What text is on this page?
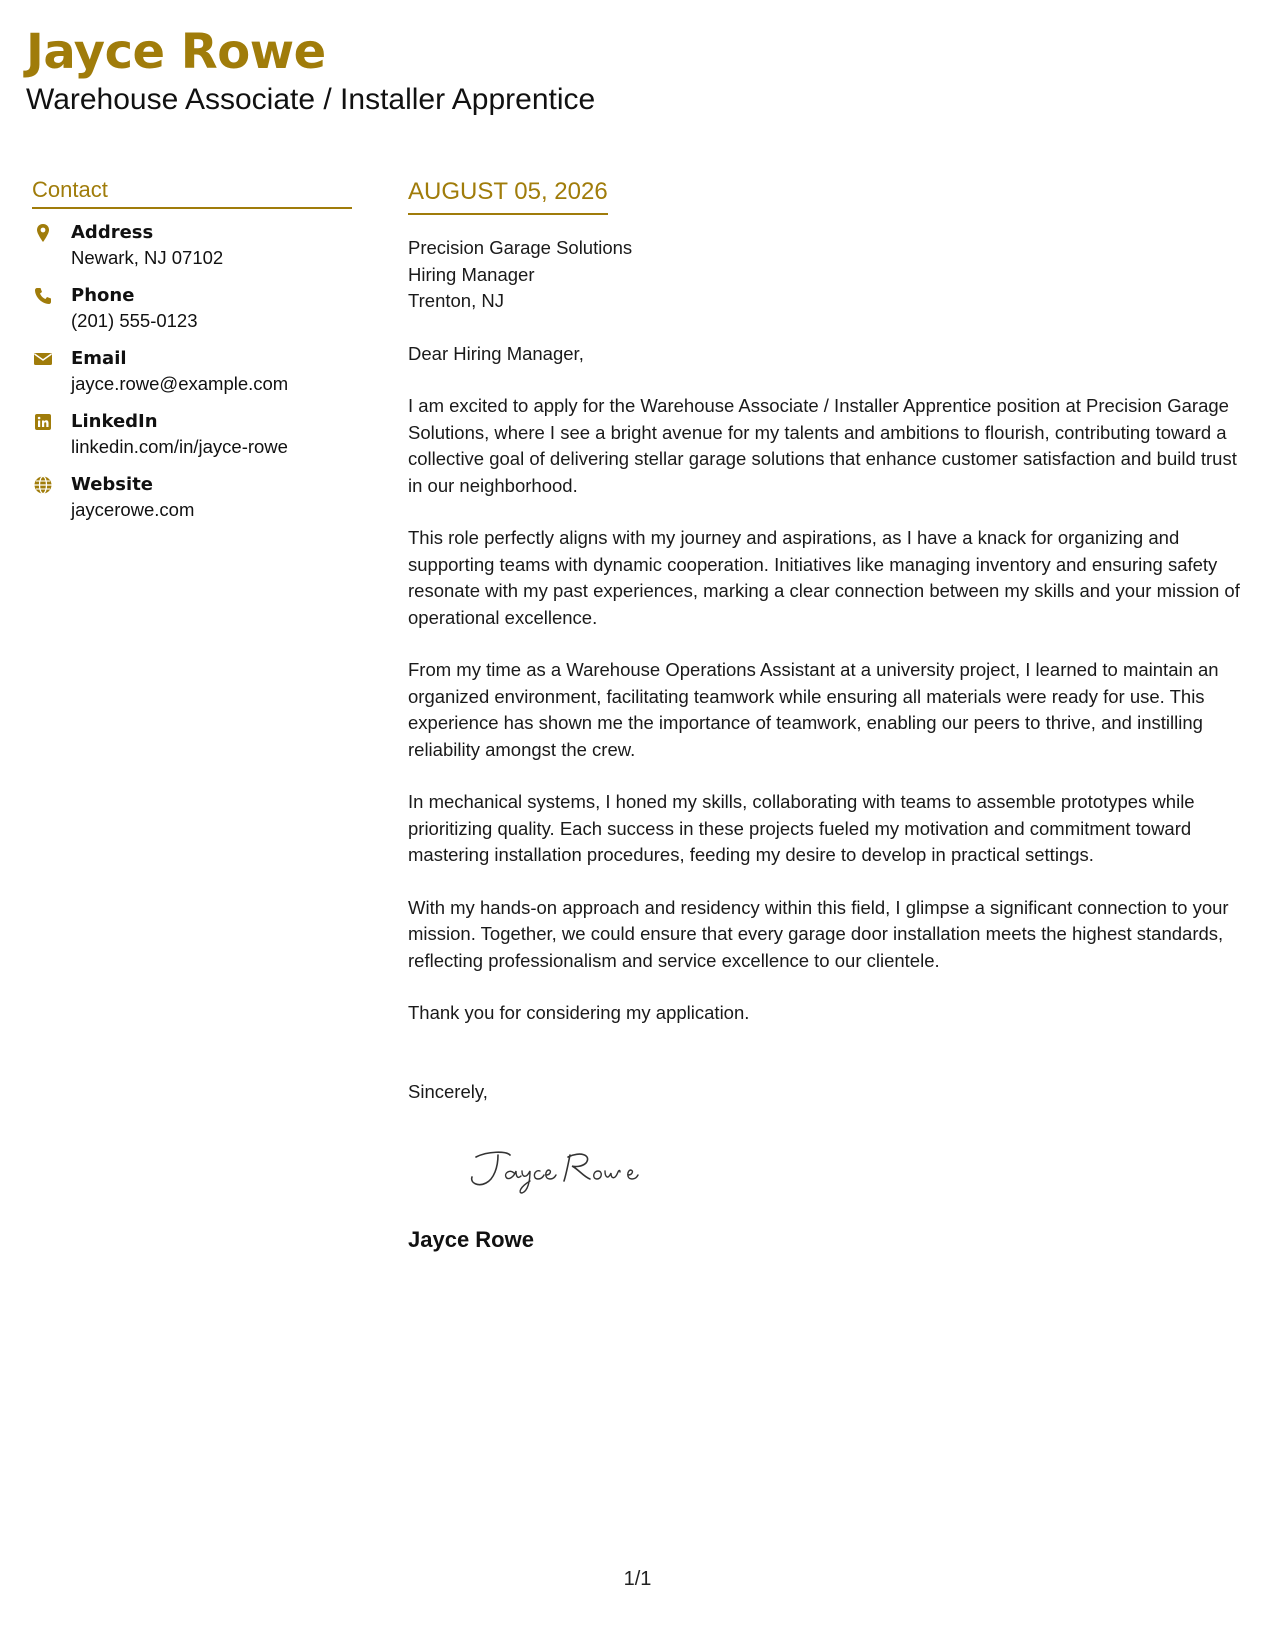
Jayce Rowe
Warehouse Associate / Installer Apprentice
Contact
Address
Newark, NJ 07102
Phone
(201) 555-0123
Email
jayce.rowe@example.com
LinkedIn
linkedin.com/in/jayce-rowe
Website
jaycerowe.com
AUGUST 05, 2026
Precision Garage Solutions
Hiring Manager
Trenton, NJ
Dear Hiring Manager,

I am excited to apply for the Warehouse Associate / Installer Apprentice position at Precision Garage Solutions, where I see a bright avenue for my talents and ambitions to flourish, contributing toward a collective goal of delivering stellar garage solutions that enhance customer satisfaction and build trust in our neighborhood.

This role perfectly aligns with my journey and aspirations, as I have a knack for organizing and supporting teams with dynamic cooperation. Initiatives like managing inventory and ensuring safety resonate with my past experiences, marking a clear connection between my skills and your mission of operational excellence.

From my time as a Warehouse Operations Assistant at a university project, I learned to maintain an organized environment, facilitating teamwork while ensuring all materials were ready for use. This experience has shown me the importance of teamwork, enabling our peers to thrive, and instilling reliability amongst the crew.

In mechanical systems, I honed my skills, collaborating with teams to assemble prototypes while prioritizing quality. Each success in these projects fueled my motivation and commitment toward mastering installation procedures, feeding my desire to develop in practical settings.

With my hands-on approach and residency within this field, I glimpse a significant connection to your mission. Together, we could ensure that every garage door installation meets the highest standards, reflecting professionalism and service excellence to our clientele.

Thank you for considering my application.

Sincerely,
Jayce Rowe
1/1
